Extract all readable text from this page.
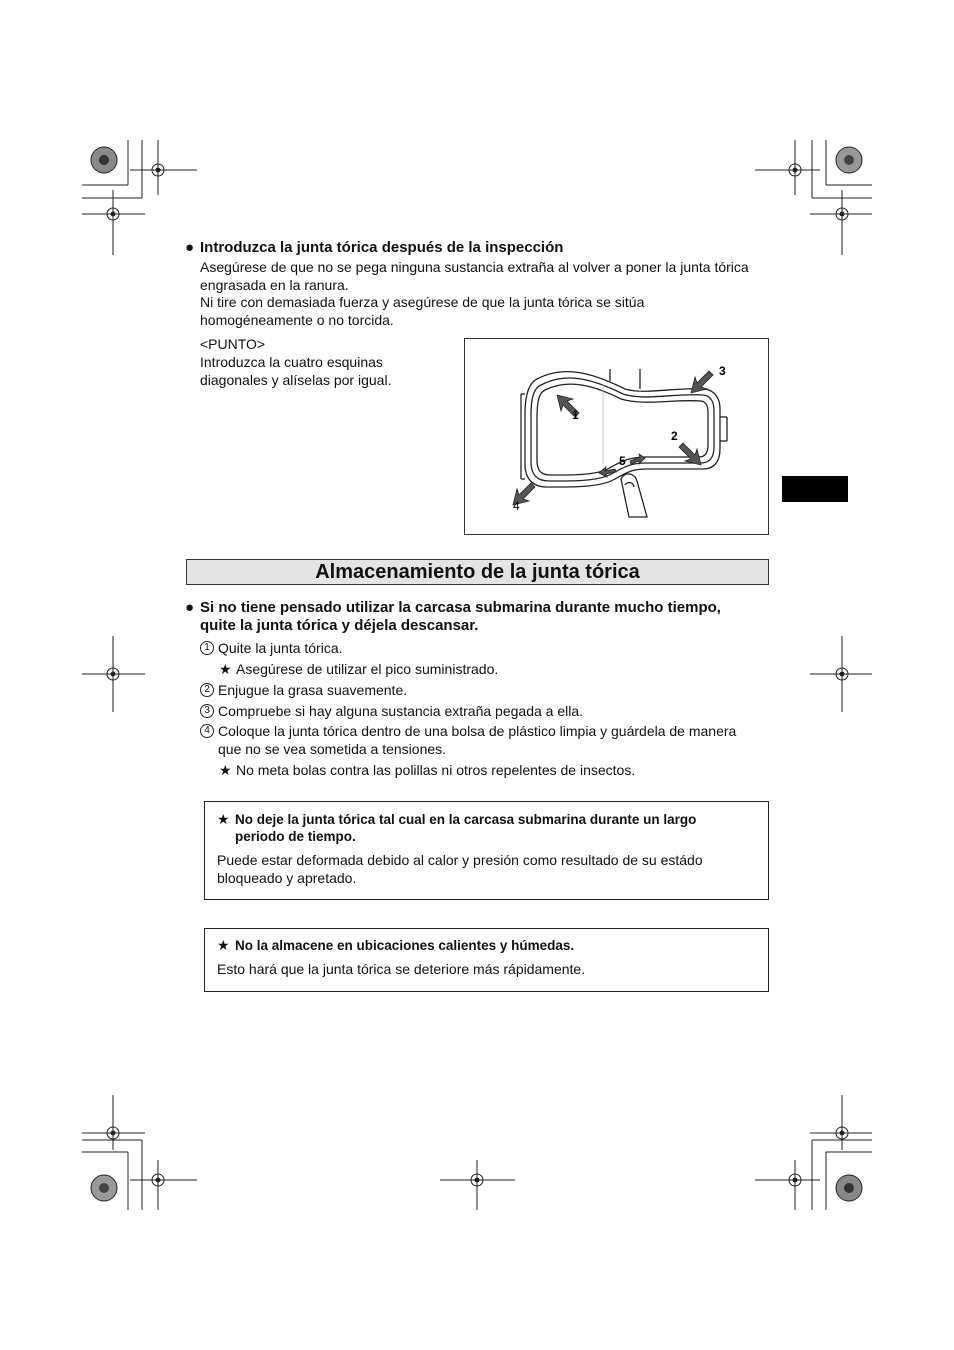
● Introduzca la junta tórica después de la inspección
Asegúrese de que no se pega ninguna sustancia extraña al volver a poner la junta tórica
engrasada en la ranura.
Ni tire con demasiada fuerza y asegúrese de que la junta tórica se sitúa
homogéneamente o no torcida.
<PUNTO>
Introduzca la cuatro esquinas
diagonales y alíselas por igual.
1
2
3
4
5
Almacenamiento de la junta tórica
● Si no tiene pensado utilizar la carcasa submarina durante mucho tiempo,
quite la junta tórica y déjela descansar.
1 Quite la junta tórica.
★ Asegúrese de utilizar el pico suministrado.
2 Enjugue la grasa suavemente.
3 Compruebe si hay alguna sustancia extraña pegada a ella.
4 Coloque la junta tórica dentro de una bolsa de plástico limpia y guárdela de manera
que no se vea sometida a tensiones.
★ No meta bolas contra las polillas ni otros repelentes de insectos.
★ No deje la junta tórica tal cual en la carcasa submarina durante un largo
periodo de tiempo.
Puede estar deformada debido al calor y presión como resultado de su estádo
bloqueado y apretado.
★ No la almacene en ubicaciones calientes y húmedas.
Esto hará que la junta tórica se deteriore más rápidamente.
